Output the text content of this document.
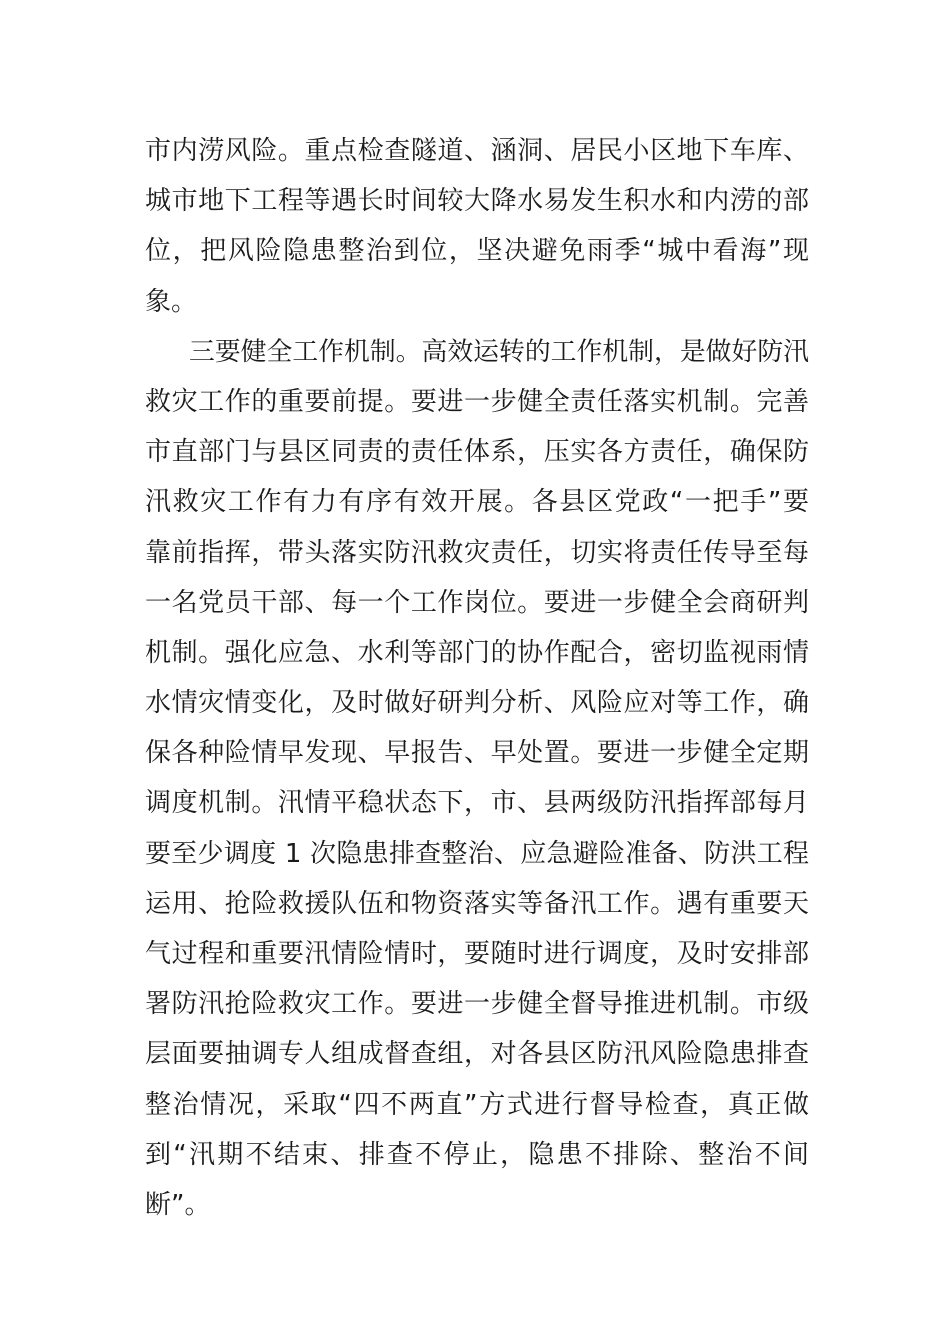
市内涝风险。重点检查隧道、涵洞、居民小区地下车库、
城市地下工程等遇长时间较大降水易发生积水和内涝的部
位，把风险隐患整治到位，坚决避免雨季“城中看海”现
象。
三要健全工作机制。高效运转的工作机制，是做好防汛
救灾工作的重要前提。要进一步健全责任落实机制。完善
市直部门与县区同责的责任体系，压实各方责任，确保防
汛救灾工作有力有序有效开展。各县区党政“一把手”要
靠前指挥，带头落实防汛救灾责任，切实将责任传导至每
一名党员干部、每一个工作岗位。要进一步健全会商研判
机制。强化应急、水利等部门的协作配合，密切监视雨情
水情灾情变化，及时做好研判分析、风险应对等工作，确
保各种险情早发现、早报告、早处置。要进一步健全定期
调度机制。汛情平稳状态下，市、县两级防汛指挥部每月
要至少调度 1 次隐患排查整治、应急避险准备、防洪工程
运用、抢险救援队伍和物资落实等备汛工作。遇有重要天
气过程和重要汛情险情时，要随时进行调度，及时安排部
署防汛抢险救灾工作。要进一步健全督导推进机制。市级
层面要抽调专人组成督查组，对各县区防汛风险隐患排查
整治情况，采取“四不两直”方式进行督导检查，真正做
到“汛期不结束、排查不停止，隐患不排除、整治不间
断”。
